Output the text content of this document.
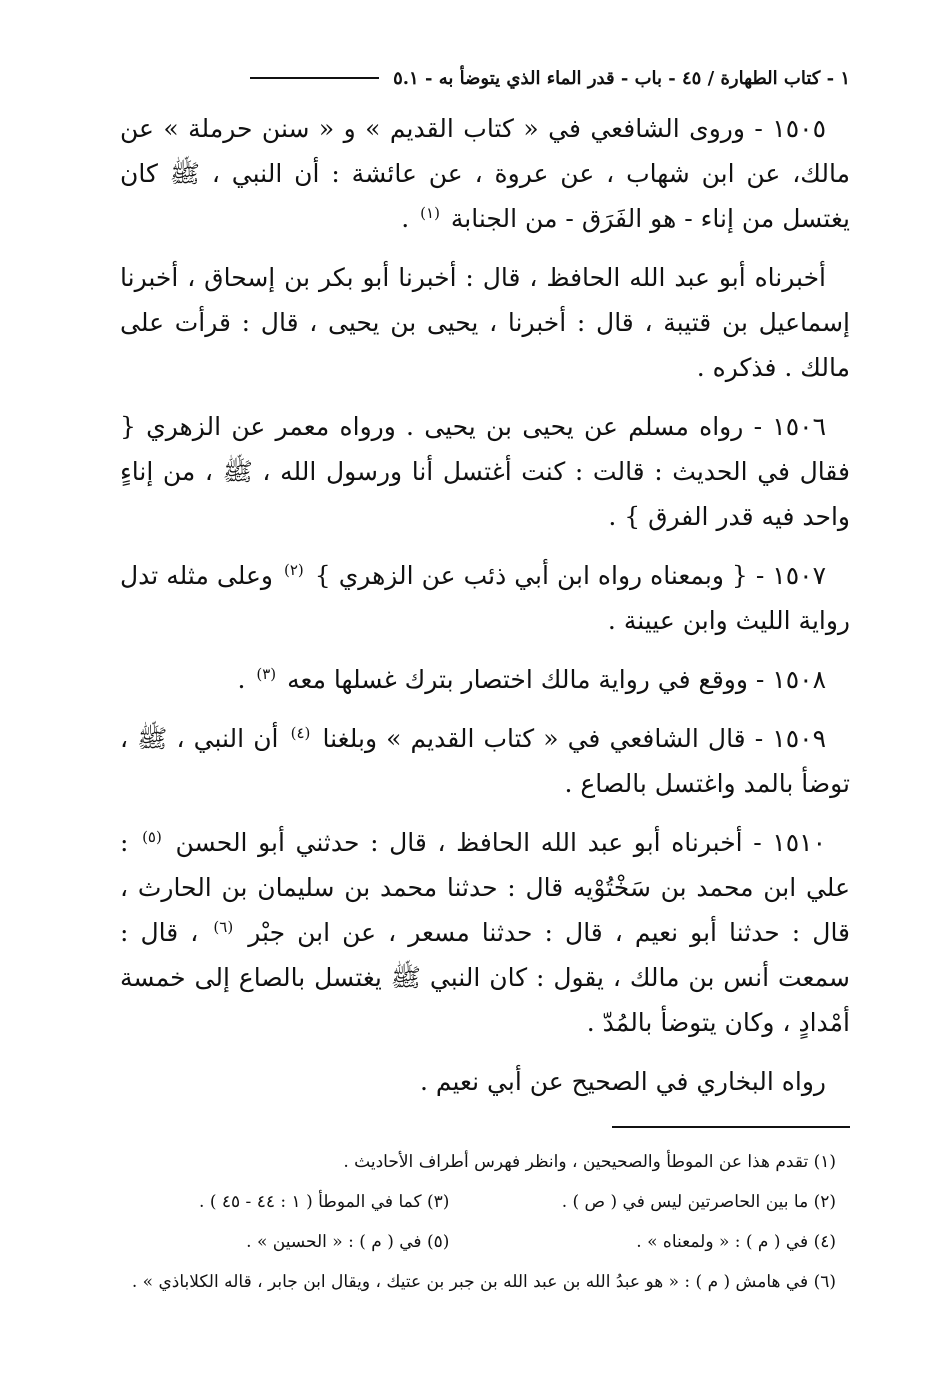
١ - كتاب الطهارة / ٤٥ - باب - قدر الماء الذي يتوضأ به - ٥.١

١٥٠٥ - وروى الشافعي في « كتاب القديم » و « سنن حرملة » عن مالك، عن ابن شهاب ، عن عروة ، عن عائشة : أن النبي ، ﷺ كان يغتسل من إناء - هو الفَرَق - من الجنابة $^{(١)}$ .

أخبرناه أبو عبد الله الحافظ ، قال : أخبرنا أبو بكر بن إسحاق ، أخبرنا إسماعيل بن قتيبة ، قال : أخبرنا ، يحيى بن يحيى ، قال : قرأت على مالك . فذكره .

١٥٠٦ - رواه مسلم عن يحيى بن يحيى . ورواه معمر عن الزهري { فقال في الحديث : قالت : كنت أغتسل أنا ورسول الله ، ﷺ ، من إناءٍ واحد فيه قدر الفرق } .

١٥٠٧ - { وبمعناه رواه ابن أبي ذئب عن الزهري } $^{(٢)}$ وعلى مثله تدل رواية الليث وابن عيينة .

١٥٠٨ - ووقع في رواية مالك اختصار بترك غسلها معه $^{(٣)}$ .

١٥٠٩ - قال الشافعي في « كتاب القديم » وبلغنا $^{(٤)}$ أن النبي ، ﷺ ، توضأ بالمد واغتسل بالصاع .

١٥١٠ - أخبرناه أبو عبد الله الحافظ ، قال : حدثني أبو الحسن $^{(٥)}$ : علي ابن محمد بن سَخْتُوْيه قال : حدثنا محمد بن سليمان بن الحارث ، قال : حدثنا أبو نعيم ، قال : حدثنا مسعر ، عن ابن جبْر $^{(٦)}$ ، قال : سمعت أنس بن مالك ، يقول : كان النبي ﷺ يغتسل بالصاع إلى خمسة أمْدادٍ ، وكان يتوضأ بالمُدّ .

رواه البخاري في الصحيح عن أبي نعيم .

(١) تقدم هذا عن الموطأ والصحيحين ، وانظر فهرس أطراف الأحاديث .
(٢) ما بين الحاصرتين ليس في ( ص ) .
(٣) كما في الموطأ ( ١ : ٤٤ - ٤٥ ) .
(٤) في ( م ) : « ولمعناه » .
(٥) في ( م ) : « الحسين » .
(٦) في هامش ( م ) : « هو عبدُ الله بن عبد الله بن جبر بن عتيك ، ويقال ابن جابر ، قاله الكلاباذي » .
